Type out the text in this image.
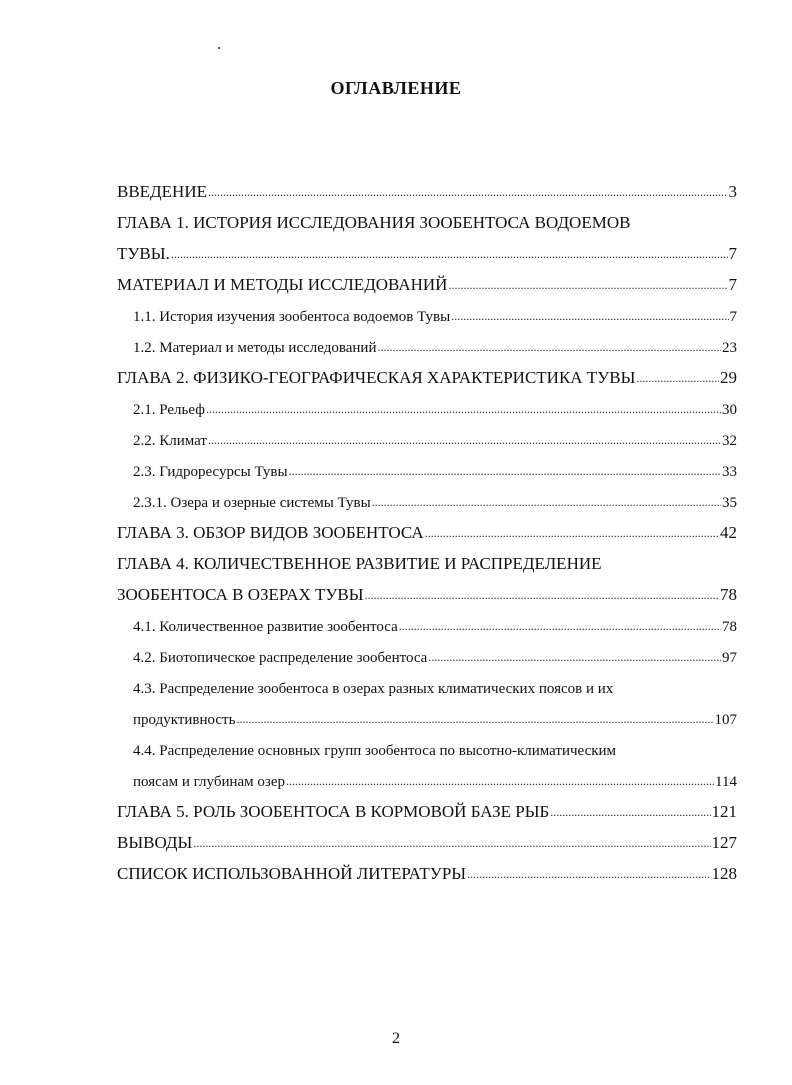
ОГЛАВЛЕНИЕ
ВВЕДЕНИЕ .....	3
ГЛАВА 1. ИСТОРИЯ ИССЛЕДОВАНИЯ ЗООБЕНТОСА ВОДОЕМОВ
ТУВЫ. .....	7
МАТЕРИАЛ И МЕТОДЫ ИССЛЕДОВАНИЙ .....	7
1.1. История изучения зообентоса водоемов Тувы .....	7
1.2. Материал и методы исследований .....	23
ГЛАВА 2. ФИЗИКО-ГЕОГРАФИЧЕСКАЯ ХАРАКТЕРИСТИКА ТУВЫ .....	29
2.1. Рельеф .....	30
2.2. Климат .....	32
2.3. Гидроресурсы Тувы .....	33
2.3.1. Озера и озерные системы Тувы .....	35
ГЛАВА 3. ОБЗОР ВИДОВ ЗООБЕНТОСА .....	42
ГЛАВА 4. КОЛИЧЕСТВЕННОЕ РАЗВИТИЕ И РАСПРЕДЕЛЕНИЕ
ЗООБЕНТОСА В ОЗЕРАХ ТУВЫ .....	78
4.1. Количественное развитие зообентоса .....	78
4.2. Биотопическое распределение зообентоса .....	97
4.3. Распределение зообентоса в озерах разных климатических поясов и их
продуктивность .....	107
4.4. Распределение основных групп зообентоса по высотно-климатическим
поясам и глубинам озер .....	114
ГЛАВА 5. РОЛЬ ЗООБЕНТОСА В КОРМОВОЙ БАЗЕ РЫБ .....	121
ВЫВОДЫ .....	127
СПИСОК ИСПОЛЬЗОВАННОЙ ЛИТЕРАТУРЫ .....	128
2
